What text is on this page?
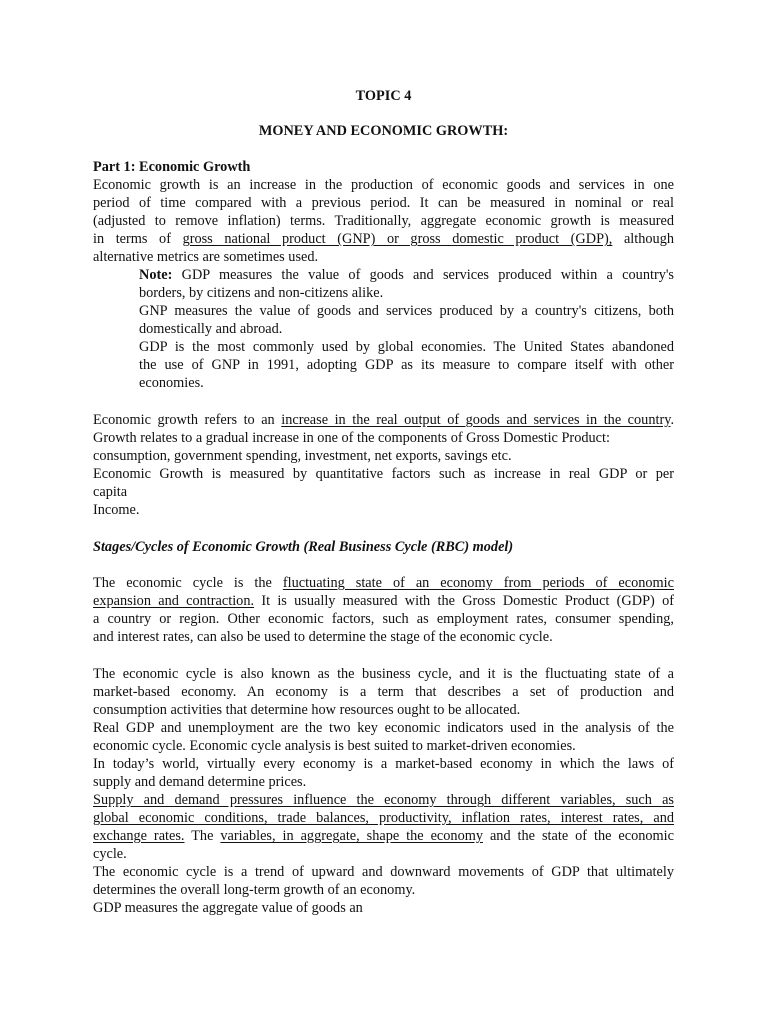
TOPIC 4
MONEY AND ECONOMIC GROWTH:
Part 1: Economic Growth
Economic growth is an increase in the production of economic goods and services in one
period of time compared with a previous period. It can be measured in nominal or real
(adjusted to remove inflation) terms. Traditionally, aggregate economic growth is measured
in terms of gross national product (GNP) or gross domestic product (GDP), although
alternative metrics are sometimes used.
Note: GDP measures the value of goods and services produced within a country's
borders, by citizens and non-citizens alike.
GNP measures the value of goods and services produced by a country's citizens, both
domestically and abroad.
GDP is the most commonly used by global economies. The United States abandoned
the use of GNP in 1991, adopting GDP as its measure to compare itself with other
economies.
Economic growth refers to an increase in the real output of goods and services in the country.
Growth relates to a gradual increase in one of the components of Gross Domestic Product:
consumption, government spending, investment, net exports, savings etc.
Economic Growth is measured by quantitative factors such as increase in real GDP or per
capita
Income.
Stages/Cycles of Economic Growth (Real Business Cycle (RBC) model)
The economic cycle is the fluctuating state of an economy from periods of economic
expansion and contraction. It is usually measured with the Gross Domestic Product (GDP) of
a country or region. Other economic factors, such as employment rates, consumer spending,
and interest rates, can also be used to determine the stage of the economic cycle.
The economic cycle is also known as the business cycle, and it is the fluctuating state of a
market-based economy. An economy is a term that describes a set of production and
consumption activities that determine how resources ought to be allocated.
Real GDP and unemployment are the two key economic indicators used in the analysis of the
economic cycle. Economic cycle analysis is best suited to market-driven economies.
In today’s world, virtually every economy is a market-based economy in which the laws of
supply and demand determine prices.
Supply and demand pressures influence the economy through different variables, such as
global economic conditions, trade balances, productivity, inflation rates, interest rates, and
exchange rates. The variables, in aggregate, shape the economy and the state of the economic
cycle.
The economic cycle is a trend of upward and downward movements of GDP that ultimately
determines the overall long-term growth of an economy.
GDP measures the aggregate value of goods an
